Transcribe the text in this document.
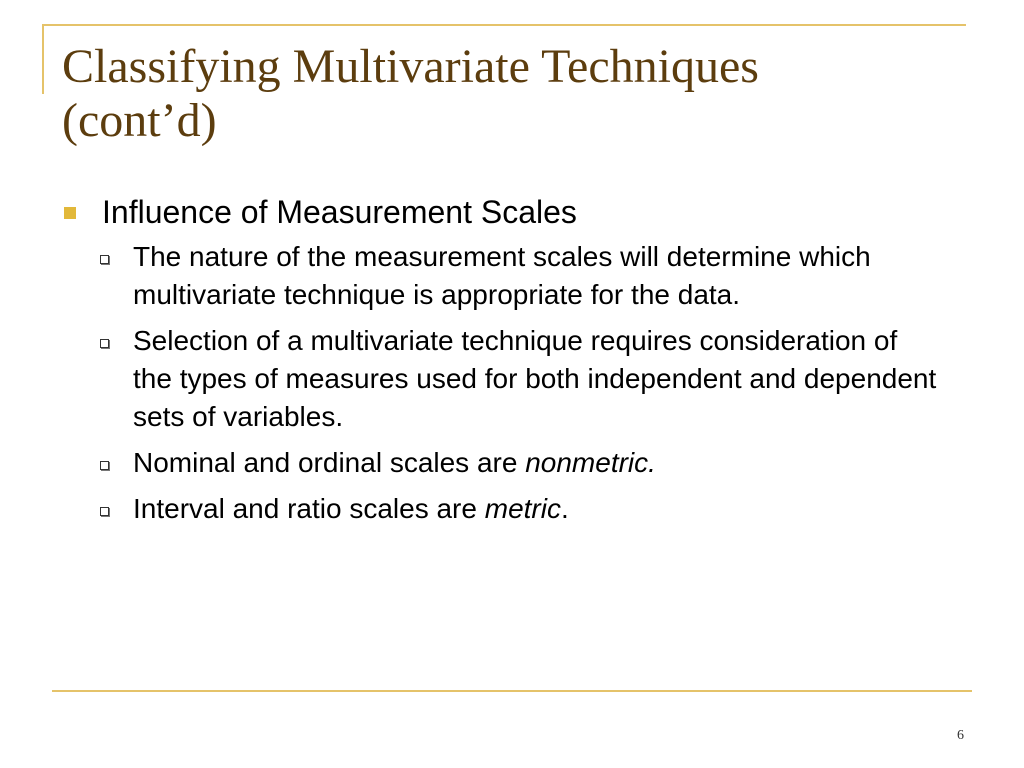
Classifying Multivariate Techniques
(cont’d)
Influence of Measurement Scales
The nature of the measurement scales will determine which multivariate technique is appropriate for the data.
Selection of a multivariate technique requires consideration of the types of measures used for both independent and dependent sets of variables.
Nominal and ordinal scales are nonmetric.
Interval and ratio scales are metric.
6
